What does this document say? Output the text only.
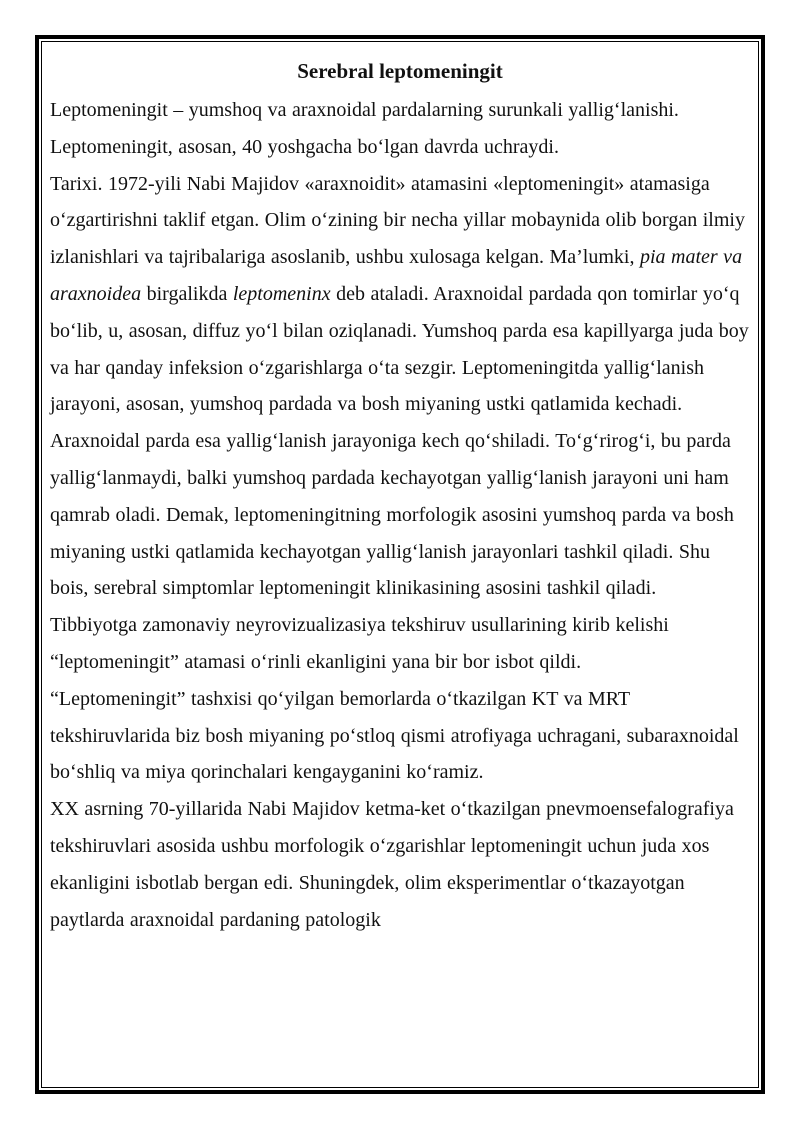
Serebral leptomeningit

Leptomeningit – yumshoq va araxnoidal pardalarning surunkali yalligʻlanishi. Leptomeningit, asosan, 40 yoshgacha boʻlgan davrda uchraydi.

Tarixi. 1972-yili Nabi Majidov «araxnoidit» atamasini «leptomeningit» atamasiga oʻzgartirishni taklif etgan. Olim oʻzining bir necha yillar mobaynida olib borgan ilmiy izlanishlari va tajribalariga asoslanib, ushbu xulosaga kelgan. Ma’lumki, pia mater va
araxnoidea birgalikda leptomeninx deb ataladi. Araxnoidal pardada qon tomirlar yoʻq boʻlib, u, asosan, diffuz yoʻl bilan oziqlanadi. Yumshoq parda esa kapillyarga juda boy va har qanday infeksion oʻzgarishlarga oʻta sezgir. Leptomeningitda yalligʻlanish jarayoni, asosan, yumshoq pardada va bosh miyaning ustki qatlamida kechadi. Araxnoidal parda esa yalligʻlanish jarayoniga kech qoʻshiladi. Toʻgʻrirogʻi, bu parda yalligʻlanmaydi, balki yumshoq pardada kechayotgan yalligʻlanish jarayoni uni ham qamrab oladi. Demak, leptomeningitning morfologik asosini yumshoq parda va bosh miyaning ustki qatlamida kechayotgan yalligʻlanish jarayonlari tashkil qiladi. Shu bois, serebral simptomlar leptomeningit klinikasining asosini tashkil qiladi.

Tibbiyotga zamonaviy neyrovizualizasiya tekshiruv usullarining kirib kelishi “leptomeningit” atamasi oʻrinli ekanligini yana bir bor isbot qildi.

“Leptomeningit” tashxisi qoʻyilgan bemorlarda oʻtkazilgan KT va MRT tekshiruvlarida biz bosh miyaning poʻstloq qismi atrofiyaga uchragani, subaraxnoidal boʻshliq va miya qorinchalari kengayganini koʻramiz.

XX asrning 70-yillarida Nabi Majidov ketma-ket oʻtkazilgan pnevmoensefalografiya tekshiruvlari asosida ushbu morfologik oʻzgarishlar leptomeningit uchun juda xos ekanligini isbotlab bergan edi. Shuningdek, olim eksperimentlar oʻtkazayotgan paytlarda araxnoidal pardaning patologik
